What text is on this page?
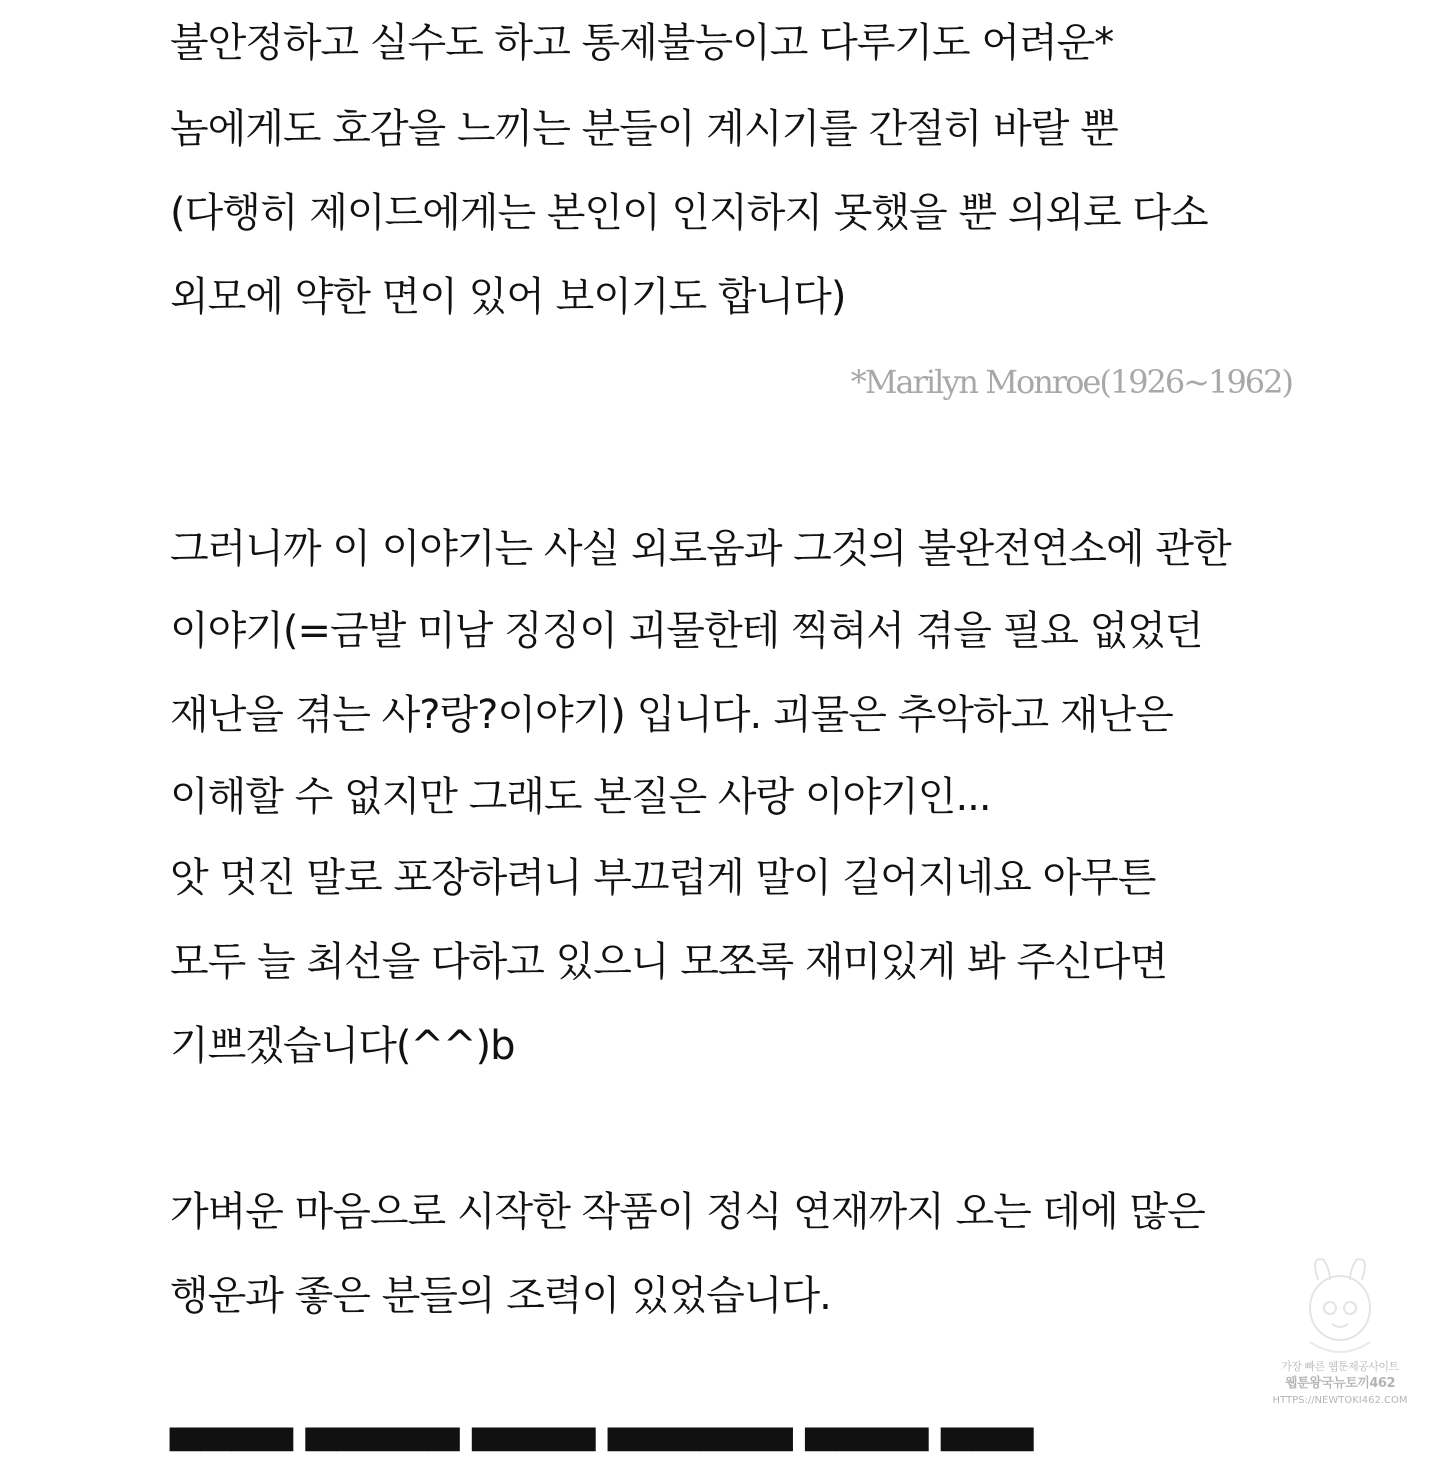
불안정하고 실수도 하고 통제불능이고 다루기도 어려운*
놈에게도 호감을 느끼는 분들이 계시기를 간절히 바랄 뿐
(다행히 제이드에게는 본인이 인지하지 못했을 뿐 의외로 다소
외모에 약한 면이 있어 보이기도 합니다)
*Marilyn Monroe(1926~1962)
그러니까 이 이야기는 사실 외로움과 그것의 불완전연소에 관한
이야기(=금발 미남 징징이 괴물한테 찍혀서 겪을 필요 없었던
재난을 겪는 사?랑?이야기) 입니다. 괴물은 추악하고 재난은
이해할 수 없지만 그래도 본질은 사랑 이야기인...
앗 멋진 말로 포장하려니 부끄럽게 말이 길어지네요 아무튼
모두 늘 최선을 다하고 있으니 모쪼록 재미있게 봐 주신다면
기쁘겠습니다(^^)b
가벼운 마음으로 시작한 작품이 정식 연재까지 오는 데에 많은
행운과 좋은 분들의 조력이 있었습니다.
▀▀▀▀ ▀▀▀▀▀ ▀▀▀▀ ▀▀▀▀▀▀ ▀▀▀▀ ▀▀▀
가장 빠른 웹툰제공사이트
웹툰왕국뉴토끼462
HTTPS://NEWTOKI462.COM
